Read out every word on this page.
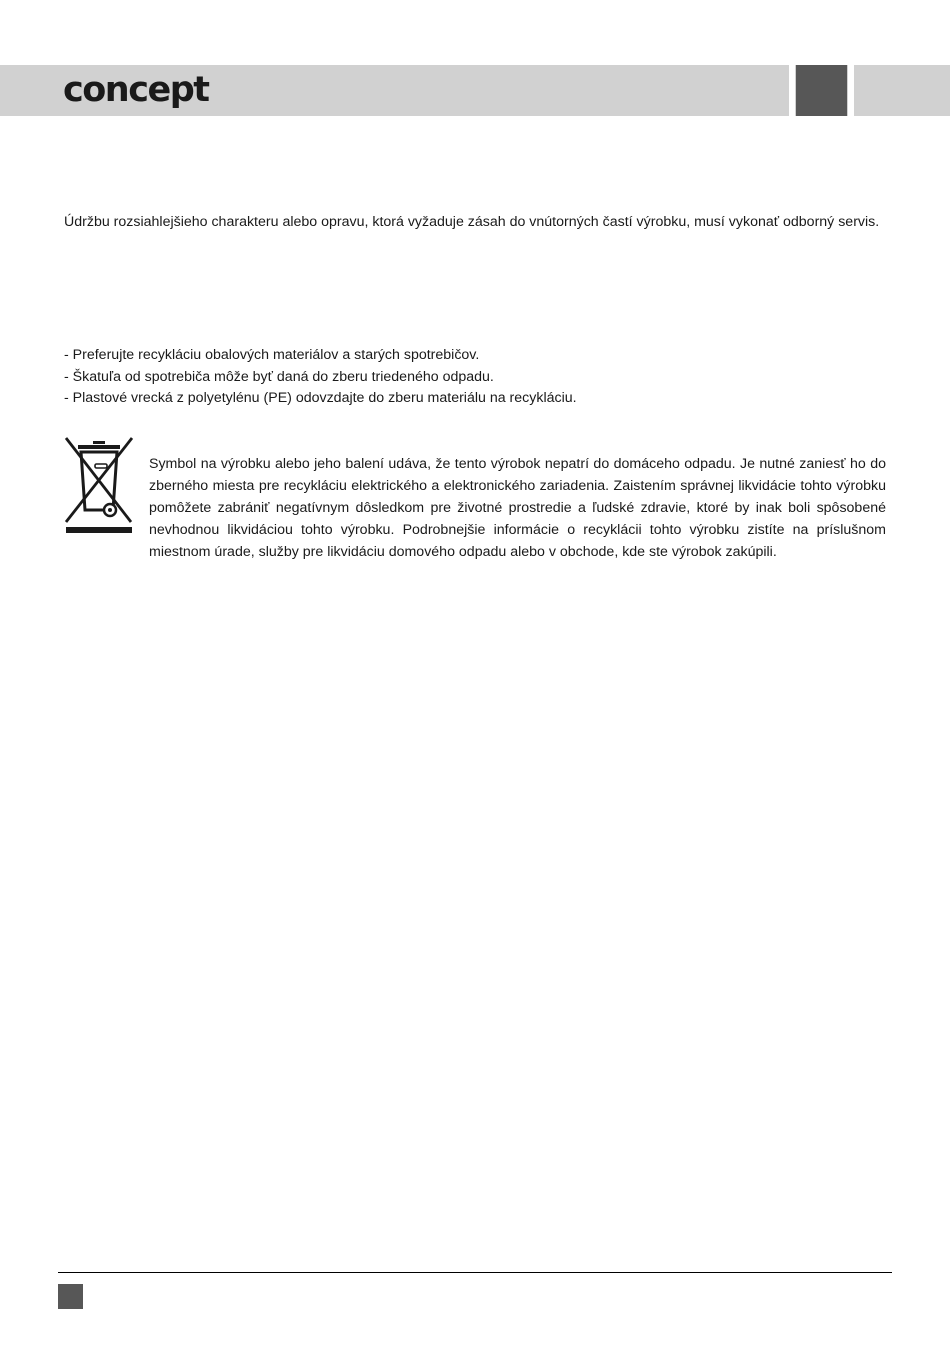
concept

Údržbu rozsiahlejšieho charakteru alebo opravu, ktorá vyžaduje zásah do vnútorných častí výrobku, musí vykonať odborný servis.

- Preferujte recykláciu obalových materiálov a starých spotrebičov.
- Škatuľa od spotrebiča môže byť daná do zberu triedeného odpadu.
- Plastové vrecká z polyetylénu (PE) odovzdajte do zberu materiálu na recykláciu.

Symbol na výrobku alebo jeho balení udáva, že tento výrobok nepatrí do domáceho odpadu. Je nutné zaniesť ho do zberného miesta pre recykláciu elektrického a elektronického zariadenia. Zaistením správnej likvidácie tohto výrobku pomôžete zabrániť negatívnym dôsledkom pre životné prostredie a ľudské zdravie, ktoré by inak boli spôsobené nevhodnou likvidáciou tohto výrobku. Podrobnejšie informácie o recyklácii tohto výrobku zistíte na príslušnom miestnom úrade, služby pre likvidáciu domového odpadu alebo v obchode, kde ste výrobok zakúpili.
